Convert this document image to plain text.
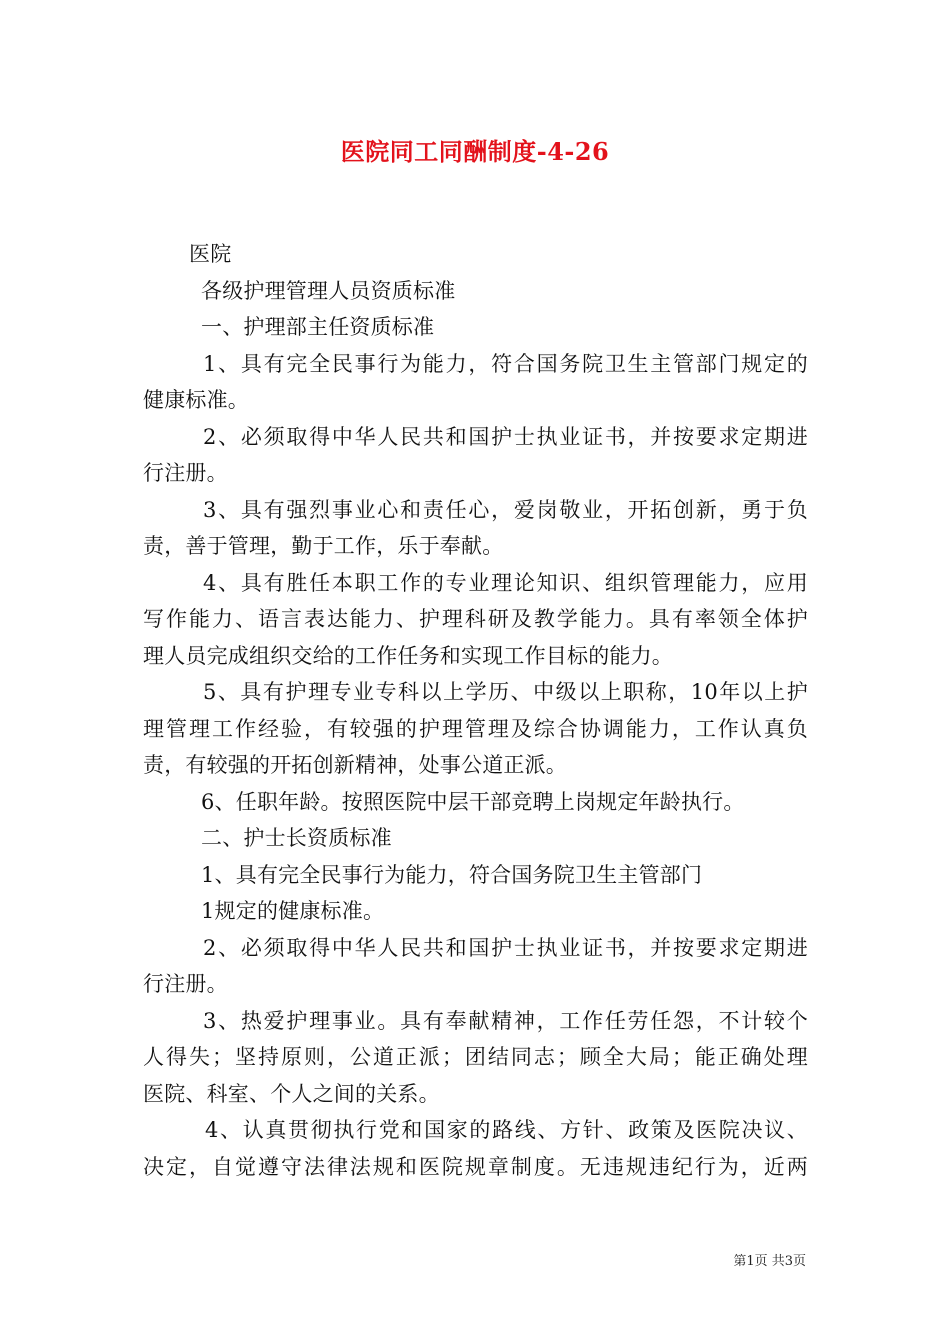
医院同工同酬制度-4-26
医院
各级护理管理人员资质标准
一、护理部主任资质标准
1、具有完全民事行为能力，符合国务院卫生主管部门规定的
健康标准。
2、必须取得中华人民共和国护士执业证书，并按要求定期进
行注册。
3、具有强烈事业心和责任心，爱岗敬业，开拓创新，勇于负
责，善于管理，勤于工作，乐于奉献。
4、具有胜任本职工作的专业理论知识、组织管理能力，应用
写作能力、语言表达能力、护理科研及教学能力。具有率领全体护
理人员完成组织交给的工作任务和实现工作目标的能力。
5、具有护理专业专科以上学历、中级以上职称，10年以上护
理管理工作经验，有较强的护理管理及综合协调能力，工作认真负
责，有较强的开拓创新精神，处事公道正派。
6、任职年龄。按照医院中层干部竞聘上岗规定年龄执行。
二、护士长资质标准
1、具有完全民事行为能力，符合国务院卫生主管部门
1规定的健康标准。
2、必须取得中华人民共和国护士执业证书，并按要求定期进
行注册。
3、热爱护理事业。具有奉献精神，工作任劳任怨，不计较个
人得失；坚持原则，公道正派；团结同志；顾全大局；能正确处理
医院、科室、个人之间的关系。
4、认真贯彻执行党和国家的路线、方针、政策及医院决议、
决定，自觉遵守法律法规和医院规章制度。无违规违纪行为，近两
第1页 共3页
